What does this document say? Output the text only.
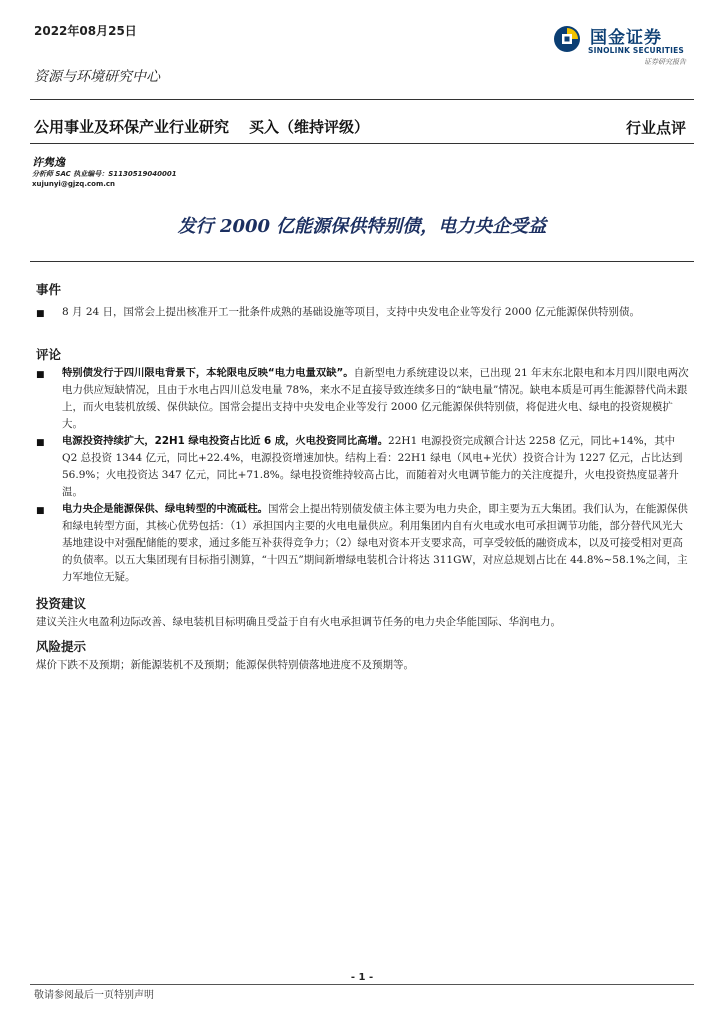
2022年08月25日	国金证券
SINOLINK SECURITIES
证券研究报告
资源与环境研究中心
公用事业及环保产业行业研究 买入（维持评级）	行业点评
许隽逸
分析师 SAC 执业编号：S1130519040001
xujunyi@gjzq.com.cn
发行 2000 亿能源保供特别债，电力央企受益
事件
■ 8 月 24 日，国常会上提出核准开工一批条件成熟的基础设施等项目，支持中央发电企业等发行 2000 亿元能源保供特别债。
评论
■ 特别债发行于四川限电背景下，本轮限电反映“电力电量双缺”。自新型电力系统建设以来，已出现 21 年末东北限电和本月四川限电两次电力供应短缺情况，且由于水电占四川总发电量 78%，来水不足直接导致连续多日的“缺电量”情况。缺电本质是可再生能源替代尚未跟上，而火电装机放缓、保供缺位。国常会提出支持中央发电企业等发行 2000 亿元能源保供特别债，将促进火电、绿电的投资规模扩大。
■ 电源投资持续扩大，22H1 绿电投资占比近 6 成，火电投资同比高增。22H1 电源投资完成额合计达 2258 亿元，同比+14%，其中 Q2 总投资 1344 亿元，同比+22.4%，电源投资增速加快。结构上看：22H1 绿电（风电+光伏）投资合计为 1227 亿元，占比达到 56.9%；火电投资达 347 亿元，同比+71.8%。绿电投资维持较高占比，而随着对火电调节能力的关注度提升，火电投资热度显著升温。
■ 电力央企是能源保供、绿电转型的中流砥柱。国常会上提出特别债发债主体主要为电力央企，即主要为五大集团。我们认为，在能源保供和绿电转型方面，其核心优势包括：（1）承担国内主要的火电电量供应。利用集团内自有火电或水电可承担调节功能，部分替代风光大基地建设中对强配储能的要求，通过多能互补获得竞争力；（2）绿电对资本开支要求高，可享受较低的融资成本，以及可接受相对更高的负债率。以五大集团现有目标指引测算，“十四五”期间新增绿电装机合计将达 311GW，对应总规划占比在 44.8%~58.1%之间，主力军地位无疑。
投资建议
建议关注火电盈利边际改善、绿电装机目标明确且受益于自有火电承担调节任务的电力央企华能国际、华润电力。
风险提示
煤价下跌不及预期；新能源装机不及预期；能源保供特别债落地进度不及预期等。
- 1 -
敬请参阅最后一页特别声明
